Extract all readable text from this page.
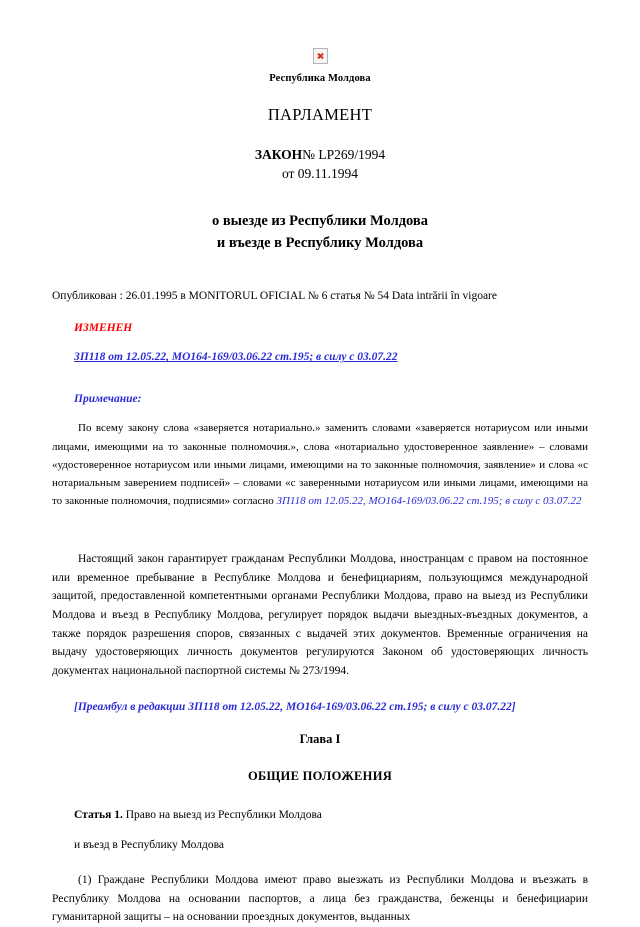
Республика Молдова
ПАРЛАМЕНТ
ЗАКОН№ LP269/1994
от 09.11.1994
о выезде из Республики Молдова
и въезде в Республику Молдова
Опубликован : 26.01.1995 в MONITORUL OFICIAL № 6 статья № 54 Data intrării în vigoare
ИЗМЕНЕН
ЗП118 от 12.05.22, МО164-169/03.06.22 ст.195; в силу с 03.07.22
Примечание:
По всему закону слова «заверяется нотариально.» заменить словами «заверяется нотариусом или иными лицами, имеющими на то законные полномочия.», слова «нотариально удостоверенное заявление» – словами «удостоверенное нотариусом или иными лицами, имеющими на то законные полномочия, заявление» и слова «с нотариальным заверением подписей» – словами «с заверенными нотариусом или иными лицами, имеющими на то законные полномочия, подписями» согласно ЗП118 от 12.05.22, МО164-169/03.06.22 ст.195; в силу с 03.07.22
Настоящий закон гарантирует гражданам Республики Молдова, иностранцам с правом на постоянное или временное пребывание в Республике Молдова и бенефициариям, пользующимся международной защитой, предоставленной компетентными органами Республики Молдова, право на выезд из Республики Молдова и въезд в Республику Молдова, регулирует порядок выдачи выездных-въездных документов, а также порядок разрешения споров, связанных с выдачей этих документов. Временные ограничения на выдачу удостоверяющих личность документов регулируются Законом об удостоверяющих личность документах национальной паспортной системы № 273/1994.
[Преамбул в редакции ЗП118 от 12.05.22, МО164-169/03.06.22 ст.195; в силу с 03.07.22]
Глава I
ОБЩИЕ ПОЛОЖЕНИЯ
Статья 1. Право на выезд из Республики Молдова
и въезд в Республику Молдова
(1) Граждане Республики Молдова имеют право выезжать из Республики Молдова и въезжать в Республику Молдова на основании паспортов, а лица без гражданства, беженцы и бенефициарии гуманитарной защиты – на основании проездных документов, выданных
